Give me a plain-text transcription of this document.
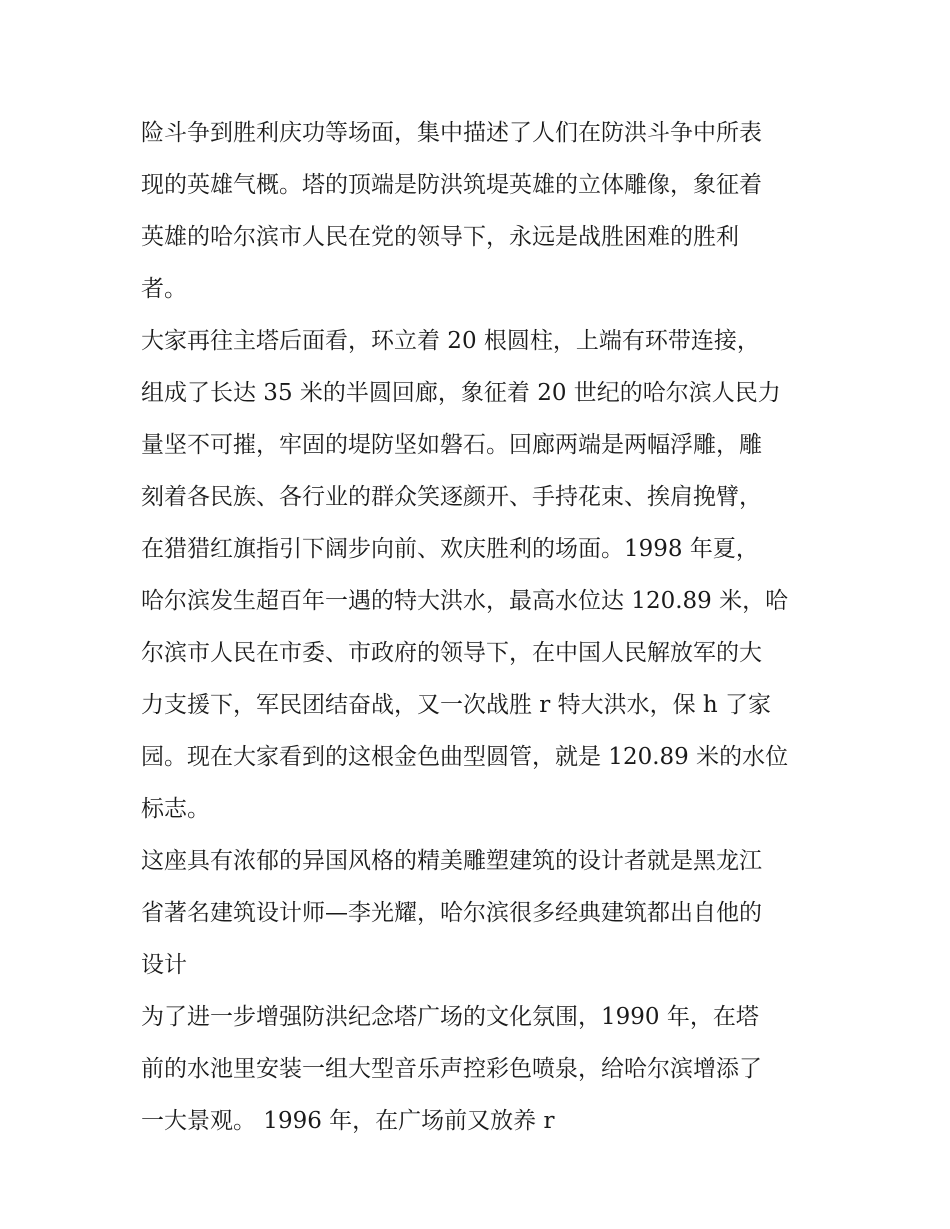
险斗争到胜利庆功等场面，集中描述了人们在防洪斗争中所表
现的英雄气概。塔的顶端是防洪筑堤英雄的立体雕像，象征着
英雄的哈尔滨市人民在党的领导下，永远是战胜困难的胜利
者。
大家再往主塔后面看，环立着 20 根圆柱，上端有环带连接，
组成了长达 35 米的半圆回廊，象征着 20 世纪的哈尔滨人民力
量坚不可摧，牢固的堤防坚如磐石。回廊两端是两幅浮雕，雕
刻着各民族、各行业的群众笑逐颜开、手持花束、挨肩挽臂，
在猎猎红旗指引下阔步向前、欢庆胜利的场面。1998 年夏，
哈尔滨发生超百年一遇的特大洪水，最高水位达 120.89 米，哈
尔滨市人民在市委、市政府的领导下，在中国人民解放军的大
力支援下，军民团结奋战，又一次战胜 r 特大洪水，保 h 了家
园。现在大家看到的这根金色曲型圆管，就是 120.89 米的水位
标志。
这座具有浓郁的异国风格的精美雕塑建筑的设计者就是黑龙江
省著名建筑设计师—李光耀，哈尔滨很多经典建筑都出自他的
设计
为了进一步增强防洪纪念塔广场的文化氛围，1990 年，在塔
前的水池里安装一组大型音乐声控彩色喷泉，给哈尔滨增添了
一大景观。 1996 年，在广场前又放养 r
